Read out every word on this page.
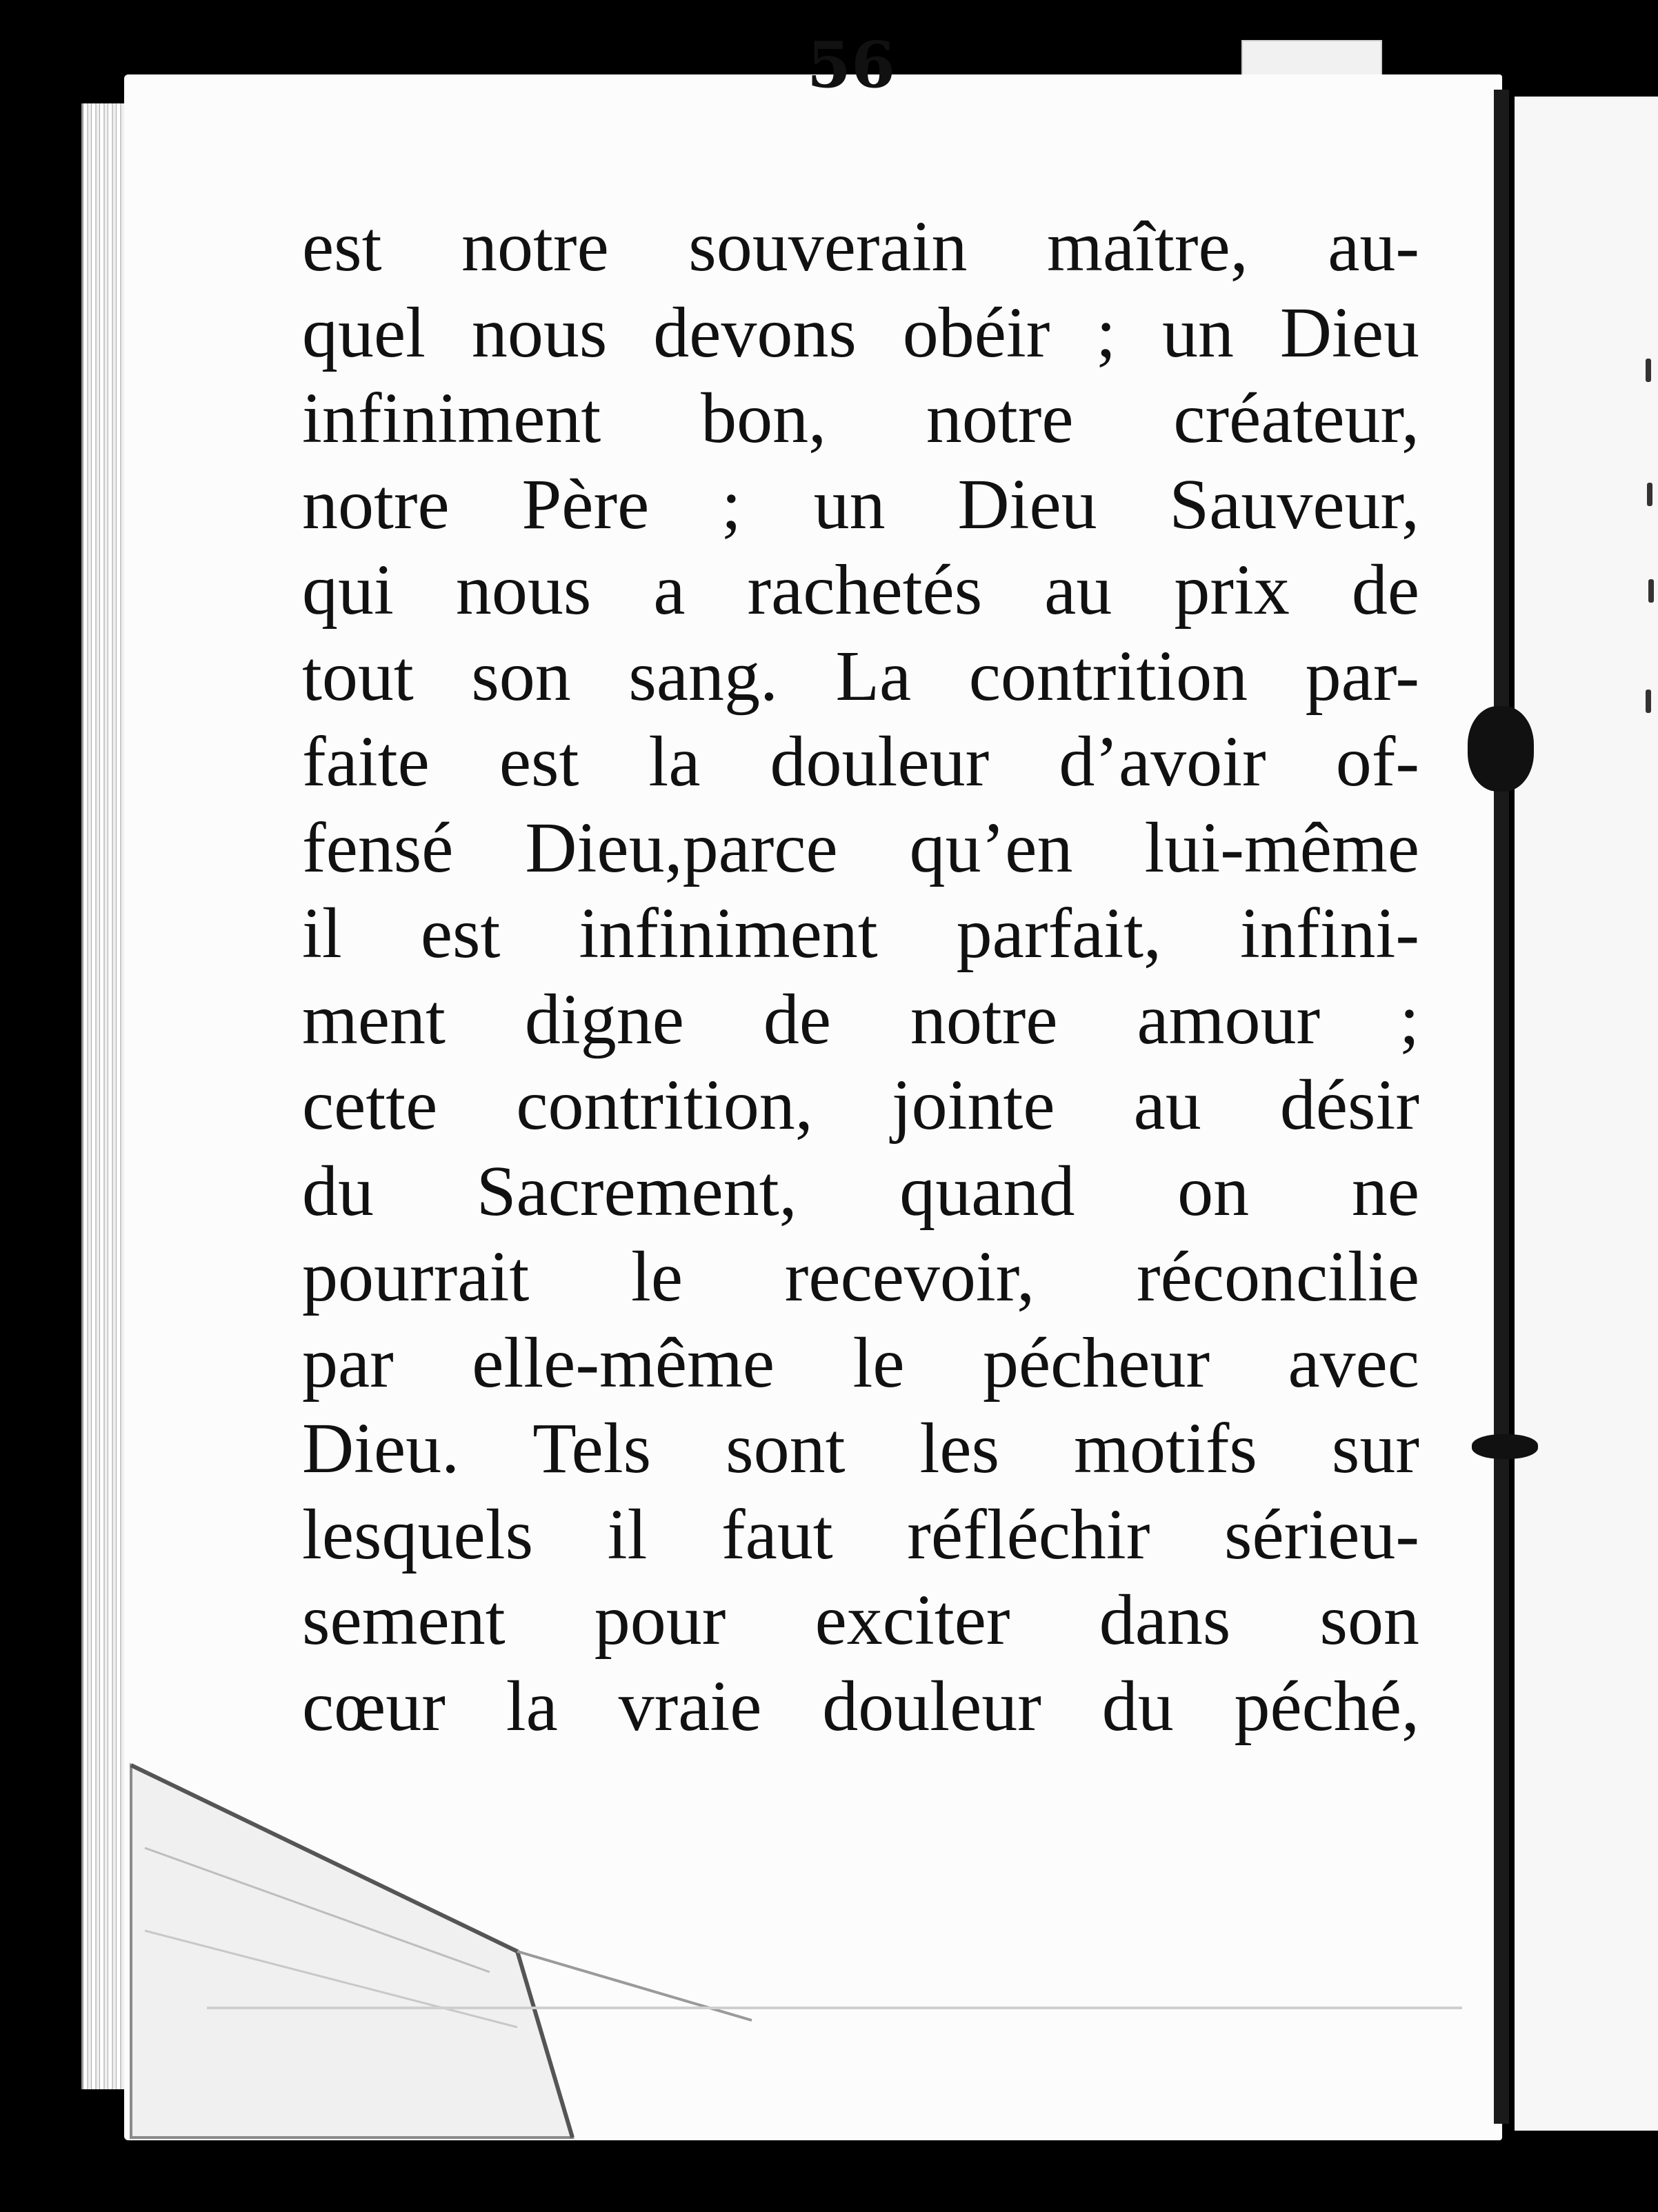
56
est notre souverain maître, au-
quel nous devons obéir ; un Dieu
infiniment bon, notre créateur,
notre Père ; un Dieu Sauveur,
qui nous a rachetés au prix de
tout son sang. La contrition par-
faite est la douleur d’avoir of-
fensé Dieu,parce qu’en lui-même
il est infiniment parfait, infini-
ment digne de notre amour ;
cette contrition, jointe au désir
du Sacrement, quand on ne
pourrait le recevoir, réconcilie
par elle-même le pécheur avec
Dieu. Tels sont les motifs sur
lesquels il faut réfléchir sérieu-
sement pour exciter dans son
cœur la vraie douleur du péché,
